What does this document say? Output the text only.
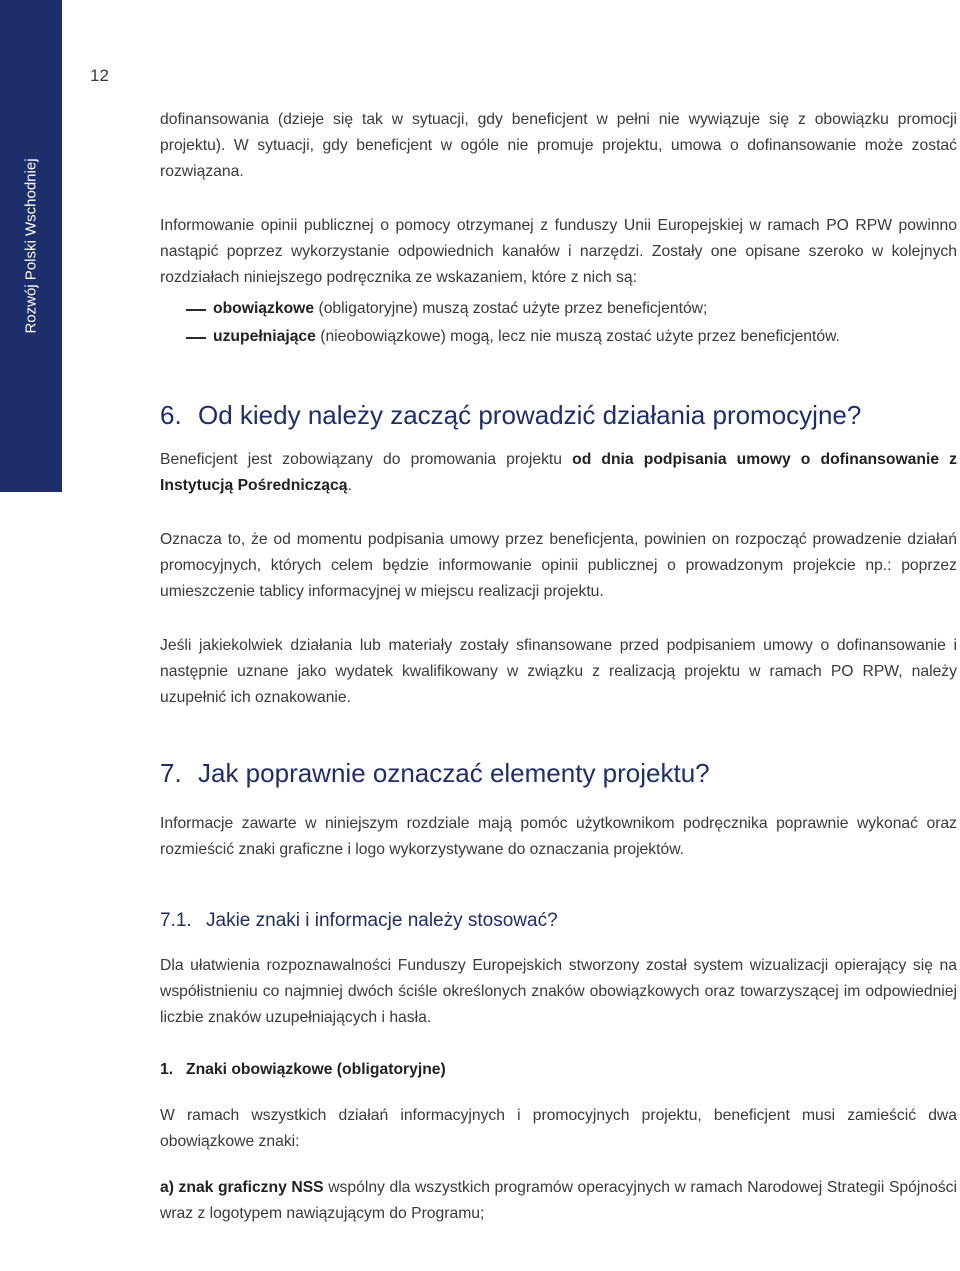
Rozwój Polski Wschodniej
12

dofinansowania (dzieje się tak w sytuacji, gdy beneficjent w pełni nie wywiązuje się z obowiązku promocji projektu). W sytuacji, gdy beneficjent w ogóle nie promuje projektu, umowa o dofinansowanie może zostać rozwiązana.

Informowanie opinii publicznej o pomocy otrzymanej z funduszy Unii Europejskiej w ramach PO RPW powinno nastąpić poprzez wykorzystanie odpowiednich kanałów i narzędzi. Zostały one opisane szeroko w kolejnych rozdziałach niniejszego podręcznika ze wskazaniem, które z nich są:

obowiązkowe (obligatoryjne) muszą zostać użyte przez beneficjentów;
uzupełniające (nieobowiązkowe) mogą, lecz nie muszą zostać użyte przez beneficjentów.
6. Od kiedy należy zacząć prowadzić działania promocyjne?

Beneficjent jest zobowiązany do promowania projektu od dnia podpisania umowy o dofinansowanie z Instytucją Pośredniczącą.

Oznacza to, że od momentu podpisania umowy przez beneficjenta, powinien on rozpocząć prowadzenie działań promocyjnych, których celem będzie informowanie opinii publicznej o prowadzonym projekcie np.: poprzez umieszczenie tablicy informacyjnej w miejscu realizacji projektu.

Jeśli jakiekolwiek działania lub materiały zostały sfinansowane przed podpisaniem umowy o dofinansowanie i następnie uznane jako wydatek kwalifikowany w związku z realizacją projektu w ramach PO RPW, należy uzupełnić ich oznakowanie.

7. Jak poprawnie oznaczać elementy projektu?

Informacje zawarte w niniejszym rozdziale mają pomóc użytkownikom podręcznika poprawnie wykonać oraz rozmieścić znaki graficzne i logo wykorzystywane do oznaczania projektów.

7.1. Jakie znaki i informacje należy stosować?

Dla ułatwienia rozpoznawalności Funduszy Europejskich stworzony został system wizualizacji opierający się na współistnieniu co najmniej dwóch ściśle określonych znaków obowiązkowych oraz towarzyszącej im odpowiedniej liczbie znaków uzupełniających i hasła.

1. Znaki obowiązkowe (obligatoryjne)

W ramach wszystkich działań informacyjnych i promocyjnych projektu, beneficjent musi zamieścić dwa obowiązkowe znaki:

a) znak graficzny NSS wspólny dla wszystkich programów operacyjnych w ramach Narodowej Strategii Spójności wraz z logotypem nawiązującym do Programu;
